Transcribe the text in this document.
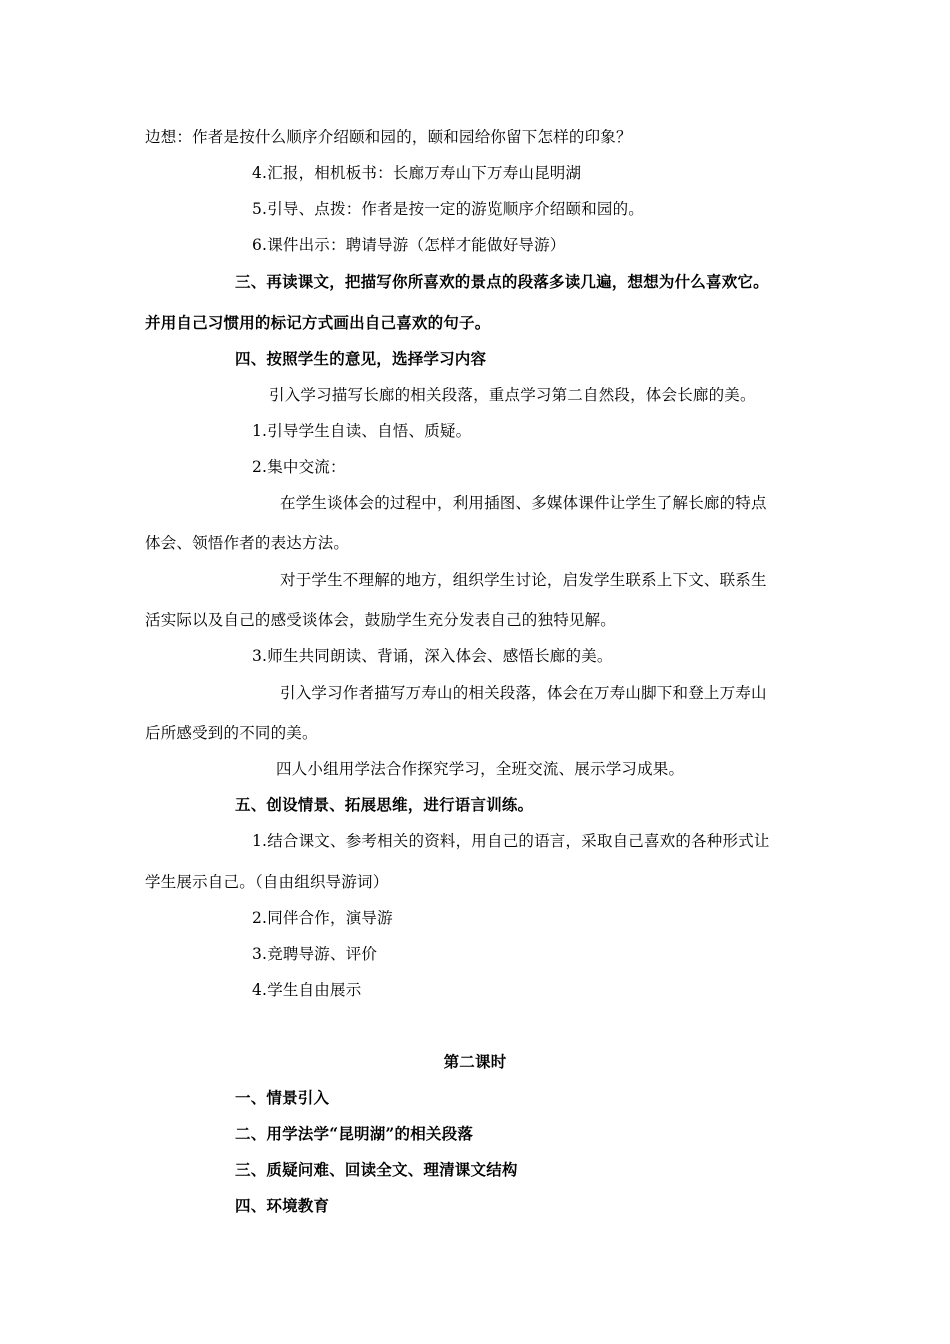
边想：作者是按什么顺序介绍颐和园的，颐和园给你留下怎样的印象？
4.汇报，相机板书：长廊万寿山下万寿山昆明湖
5.引导、点拨：作者是按一定的游览顺序介绍颐和园的。
6.课件出示：聘请导游（怎样才能做好导游）
三、再读课文，把描写你所喜欢的景点的段落多读几遍，想想为什么喜欢它。
并用自己习惯用的标记方式画出自己喜欢的句子。
四、按照学生的意见，选择学习内容
引入学习描写长廊的相关段落，重点学习第二自然段，体会长廊的美。
1.引导学生自读、自悟、质疑。
2.集中交流：
在学生谈体会的过程中，利用插图、多媒体课件让学生了解长廊的特点
体会、领悟作者的表达方法。
对于学生不理解的地方，组织学生讨论，启发学生联系上下文、联系生
活实际以及自己的感受谈体会，鼓励学生充分发表自己的独特见解。
3.师生共同朗读、背诵，深入体会、感悟长廊的美。
引入学习作者描写万寿山的相关段落，体会在万寿山脚下和登上万寿山
后所感受到的不同的美。
四人小组用学法合作探究学习，全班交流、展示学习成果。
五、创设情景、拓展思维，进行语言训练。
1.结合课文、参考相关的资料，用自己的语言，采取自己喜欢的各种形式让
学生展示自己。（自由组织导游词）
2.同伴合作，演导游
3.竞聘导游、评价
4.学生自由展示
第二课时
一、情景引入
二、用学法学“昆明湖”的相关段落
三、质疑问难、回读全文、理清课文结构
四、环境教育
